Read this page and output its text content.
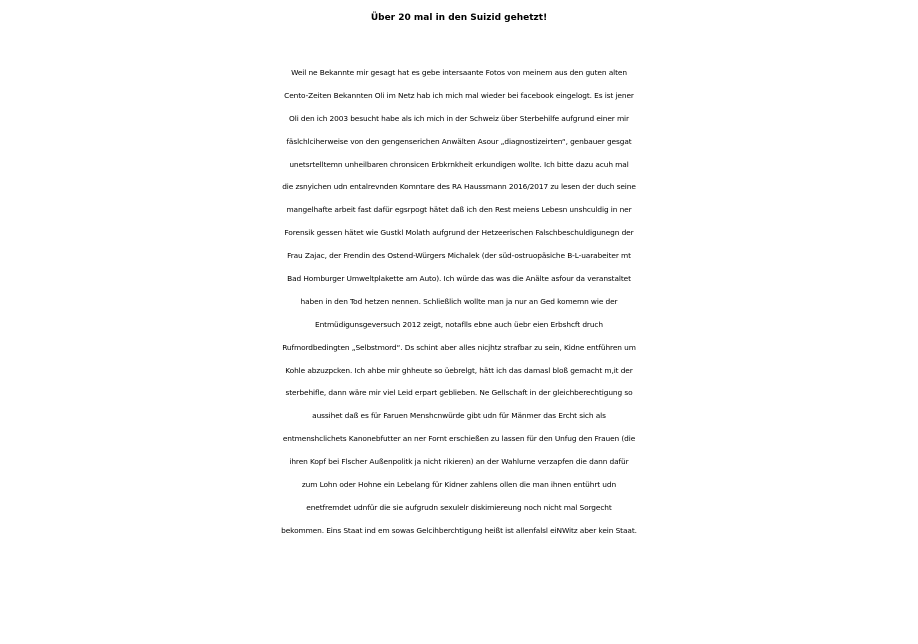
Über 20 mal in den Suizid gehetzt!
Weil ne Bekannte mir gesagt hat es gebe intersaante Fotos von meinem aus den guten alten
Cento-Zeiten Bekannten Oli im Netz hab ich mich mal wieder bei facebook eingelogt. Es ist jener
Oli den ich 2003 besucht habe als ich mich in der Schweiz über Sterbehilfe aufgrund einer mir
fäslchlciherweise von den gengenserichen Anwälten Asour „diagnostizeirten“, genbauer gesgat
unetsrtelltemn unheilbaren chronsicen Erbkrnkheit erkundigen wollte. Ich bitte dazu acuh mal
die zsnyichen udn entalrevnden Komntare des RA Haussmann 2016/2017 zu lesen der duch seine
mangelhafte arbeit fast dafür egsrpogt hätet daß ich den Rest meiens Lebesn unshculdig in ner
Forensik gessen hätet wie Gustkl Molath aufgrund der Hetzeerischen Falschbeschuldigunegn der
Frau Zajac, der Frendin des Ostend-Würgers Michalek (der süd-ostruopäsiche B-L-uarabeiter mt
Bad Homburger Umweltplakette am Auto). Ich würde das was die Anälte asfour da veranstaltet
haben in den Tod hetzen nennen. Schließlich wollte man ja nur an Ged komemn wie der
Entmüdigunsgeversuch 2012 zeigt, notaflls ebne auch üebr eien Erbshcft druch
Rufmordbedingten „Selbstmord“. Ds schint aber alles nicjhtz strafbar zu sein, Kidne entführen um
Kohle abzuzpcken. Ich ahbe mir ghheute so üebrelgt, hätt ich das damasl bloß gemacht m,it der
sterbehifle, dann wäre mir viel Leid erpart geblieben. Ne Gellschaft in der gleichberechtigung so
aussihet daß es für Faruen Menshcnwürde gibt udn für Mänmer das Ercht sich als
entmenshclichets Kanonebfutter an ner Fornt erschießen zu lassen für den Unfug den Frauen (die
ihren Kopf bei Flscher Außenpolitk ja nicht rikieren) an der Wahlurne verzapfen die dann dafür
zum Lohn oder Hohne ein Lebelang für Kidner zahlens ollen die man ihnen entührt udn
enetfremdet udnfür die sie aufgrudn sexulelr diskimiereung noch nicht mal Sorgecht
bekommen. Eins Staat ind em sowas Gelcihberchtigung heißt ist allenfalsl eiNWitz aber kein Staat.
